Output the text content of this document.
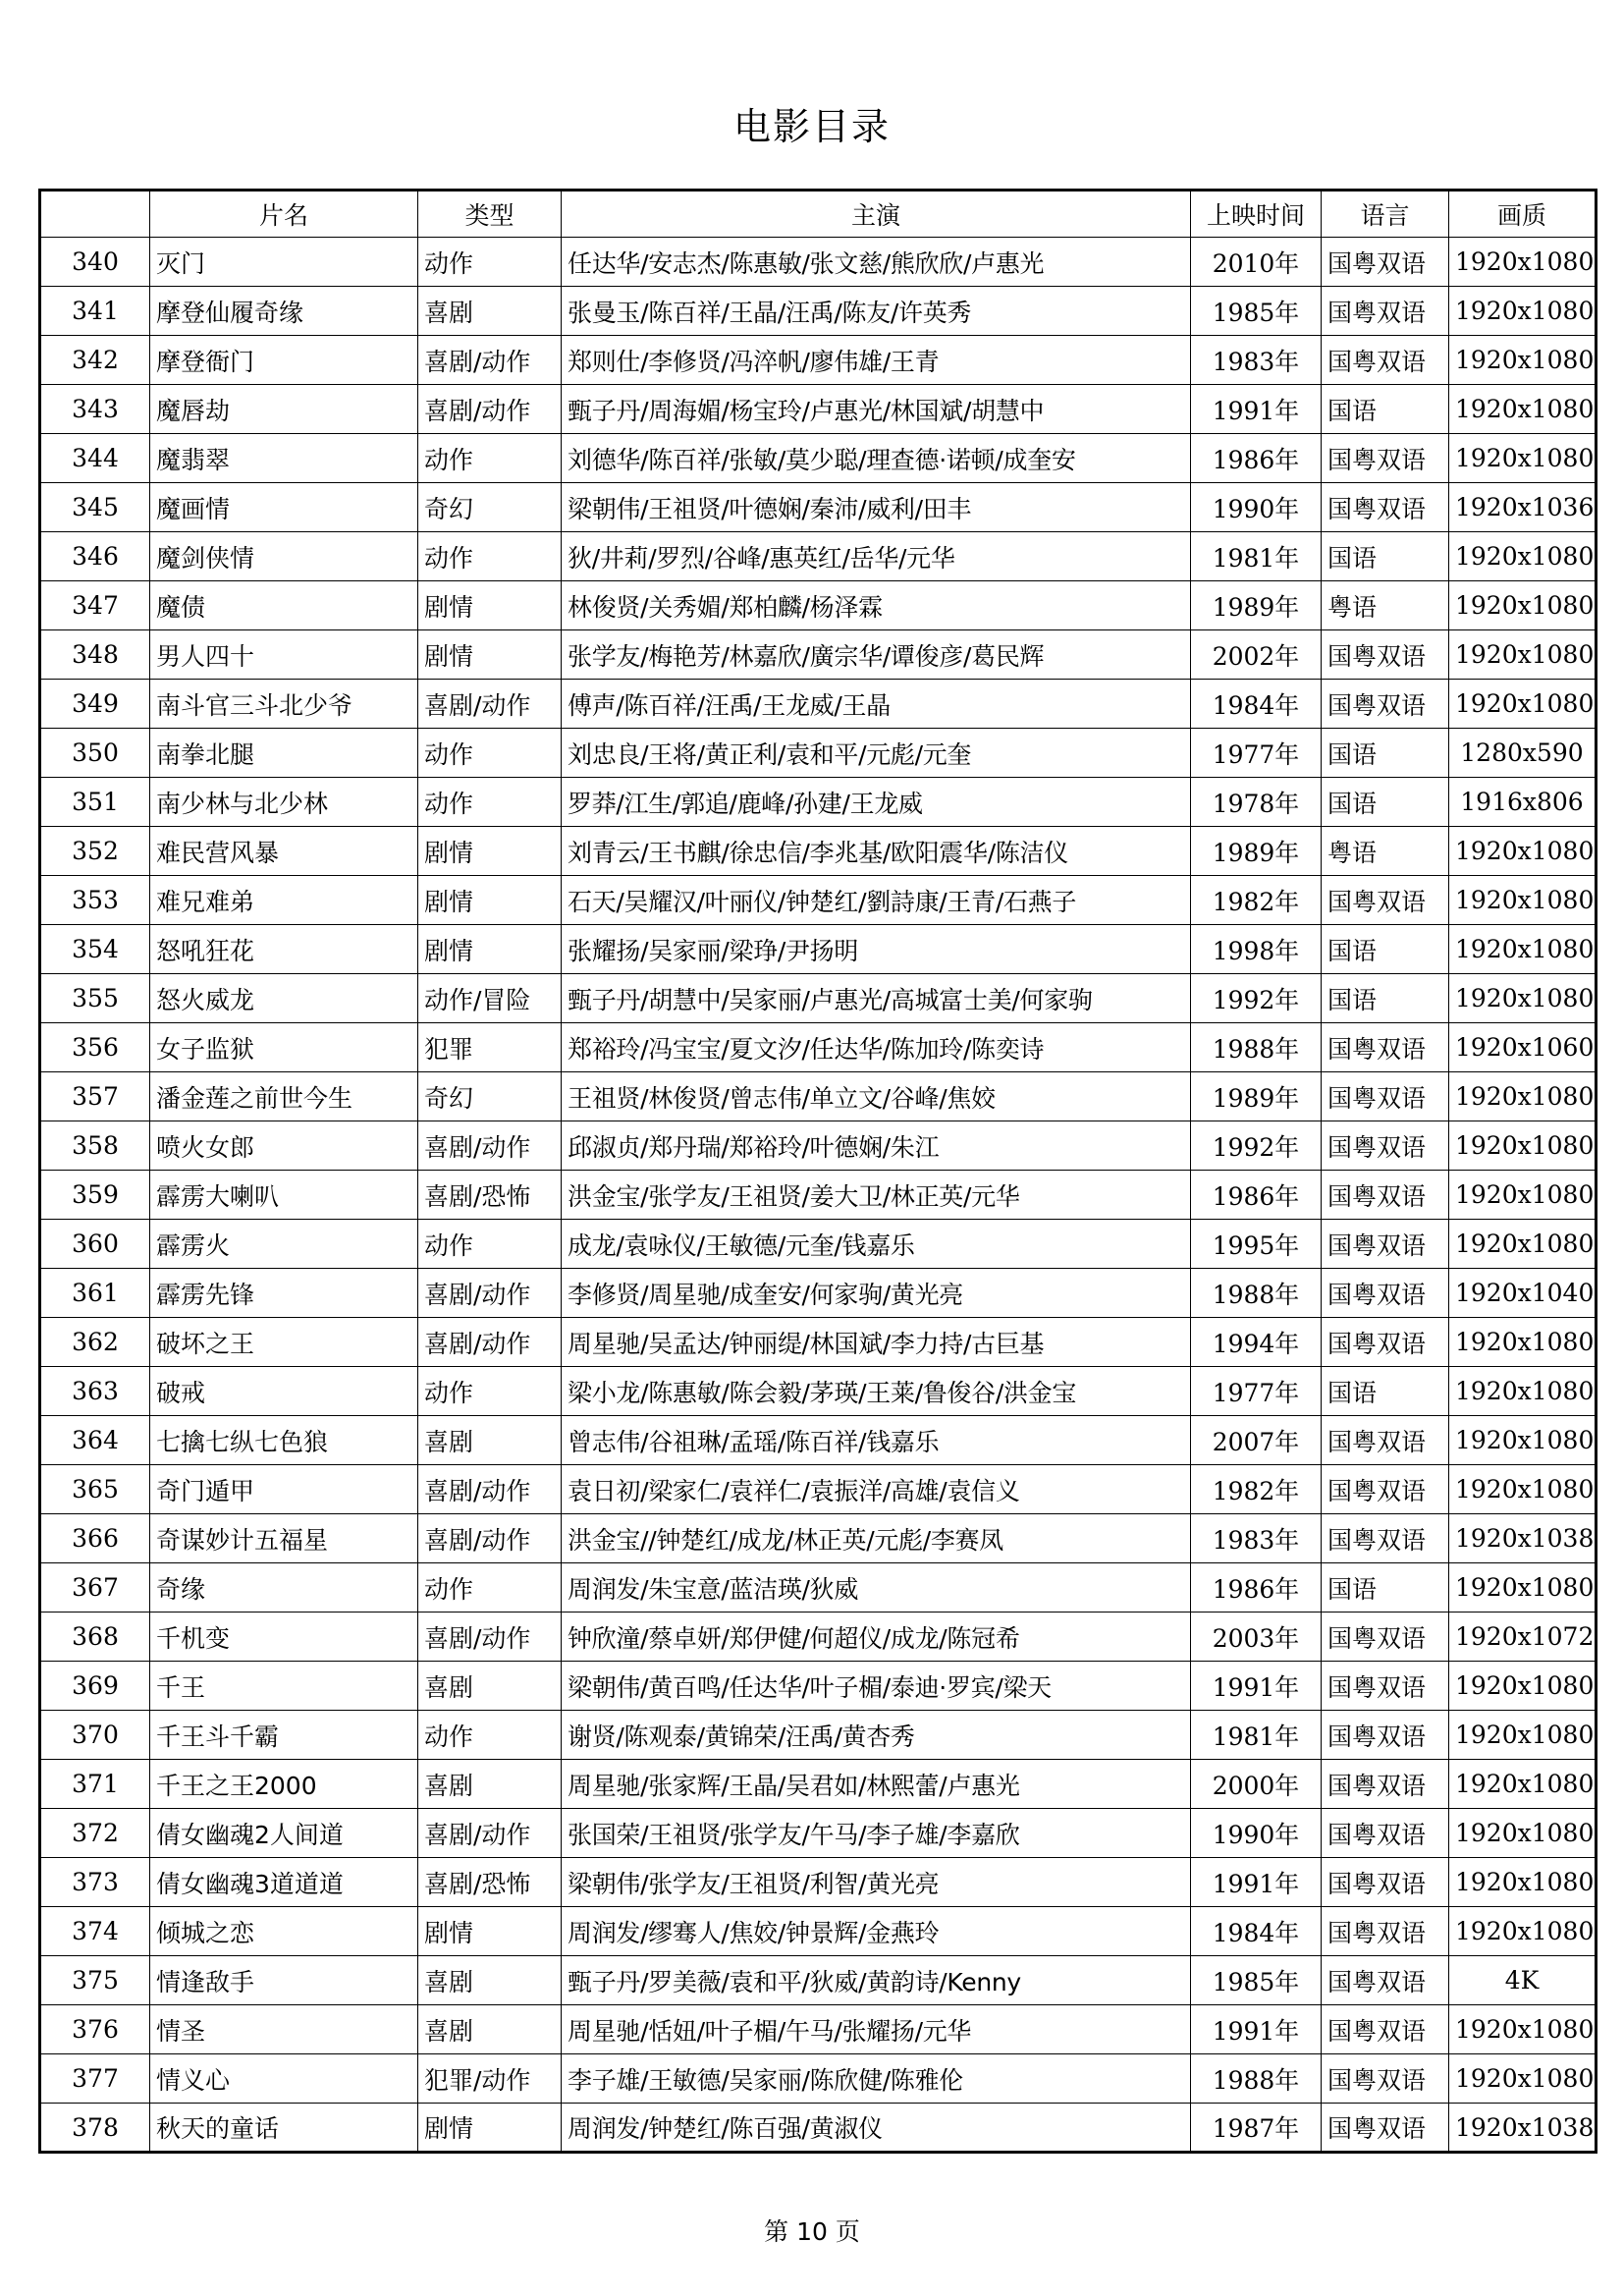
电影目录
	片名	类型	主演	上映时间	语言	画质
340	灭门	动作	任达华/安志杰/陈惠敏/张文慈/熊欣欣/卢惠光	2010年	国粤双语	1920x1080
341	摩登仙履奇缘	喜剧	张曼玉/陈百祥/王晶/汪禹/陈友/许英秀	1985年	国粤双语	1920x1080
342	摩登衙门	喜剧/动作	郑则仕/李修贤/冯淬帆/廖伟雄/王青	1983年	国粤双语	1920x1080
343	魔唇劫	喜剧/动作	甄子丹/周海媚/杨宝玲/卢惠光/林国斌/胡慧中	1991年	国语	1920x1080
344	魔翡翠	动作	刘德华/陈百祥/张敏/莫少聪/理查德·诺顿/成奎安	1986年	国粤双语	1920x1080
345	魔画情	奇幻	梁朝伟/王祖贤/叶德娴/秦沛/威利/田丰	1990年	国粤双语	1920x1036
346	魔剑侠情	动作	狄/井莉/罗烈/谷峰/惠英红/岳华/元华	1981年	国语	1920x1080
347	魔债	剧情	林俊贤/关秀媚/郑柏麟/杨泽霖	1989年	粤语	1920x1080
348	男人四十	剧情	张学友/梅艳芳/林嘉欣/廣宗华/谭俊彦/葛民辉	2002年	国粤双语	1920x1080
349	南斗官三斗北少爷	喜剧/动作	傅声/陈百祥/汪禹/王龙威/王晶	1984年	国粤双语	1920x1080
350	南拳北腿	动作	刘忠良/王将/黄正利/袁和平/元彪/元奎	1977年	国语	1280x590
351	南少林与北少林	动作	罗莽/江生/郭追/鹿峰/孙建/王龙威	1978年	国语	1916x806
352	难民营风暴	剧情	刘青云/王书麒/徐忠信/李兆基/欧阳震华/陈洁仪	1989年	粤语	1920x1080
353	难兄难弟	剧情	石天/吴耀汉/叶丽仪/钟楚红/劉詩康/王青/石燕子	1982年	国粤双语	1920x1080
354	怒吼狂花	剧情	张耀扬/吴家丽/梁琤/尹扬明	1998年	国语	1920x1080
355	怒火威龙	动作/冒险	甄子丹/胡慧中/吴家丽/卢惠光/高城富士美/何家驹	1992年	国语	1920x1080
356	女子监狱	犯罪	郑裕玲/冯宝宝/夏文汐/任达华/陈加玲/陈奕诗	1988年	国粤双语	1920x1060
357	潘金莲之前世今生	奇幻	王祖贤/林俊贤/曾志伟/单立文/谷峰/焦姣	1989年	国粤双语	1920x1080
358	喷火女郎	喜剧/动作	邱淑贞/郑丹瑞/郑裕玲/叶德娴/朱江	1992年	国粤双语	1920x1080
359	霹雳大喇叭	喜剧/恐怖	洪金宝/张学友/王祖贤/姜大卫/林正英/元华	1986年	国粤双语	1920x1080
360	霹雳火	动作	成龙/袁咏仪/王敏德/元奎/钱嘉乐	1995年	国粤双语	1920x1080
361	霹雳先锋	喜剧/动作	李修贤/周星驰/成奎安/何家驹/黄光亮	1988年	国粤双语	1920x1040
362	破坏之王	喜剧/动作	周星驰/吴孟达/钟丽缇/林国斌/李力持/古巨基	1994年	国粤双语	1920x1080
363	破戒	动作	梁小龙/陈惠敏/陈会毅/茅瑛/王莱/鲁俊谷/洪金宝	1977年	国语	1920x1080
364	七擒七纵七色狼	喜剧	曾志伟/谷祖琳/孟瑶/陈百祥/钱嘉乐	2007年	国粤双语	1920x1080
365	奇门遁甲	喜剧/动作	袁日初/梁家仁/袁祥仁/袁振洋/高雄/袁信义	1982年	国粤双语	1920x1080
366	奇谋妙计五福星	喜剧/动作	洪金宝//钟楚红/成龙/林正英/元彪/李赛凤	1983年	国粤双语	1920x1038
367	奇缘	动作	周润发/朱宝意/蓝洁瑛/狄威	1986年	国语	1920x1080
368	千机变	喜剧/动作	钟欣潼/蔡卓妍/郑伊健/何超仪/成龙/陈冠希	2003年	国粤双语	1920x1072
369	千王	喜剧	梁朝伟/黄百鸣/任达华/叶子楣/泰迪·罗宾/梁天	1991年	国粤双语	1920x1080
370	千王斗千霸	动作	谢贤/陈观泰/黄锦荣/汪禹/黄杏秀	1981年	国粤双语	1920x1080
371	千王之王2000	喜剧	周星驰/张家辉/王晶/吴君如/林熙蕾/卢惠光	2000年	国粤双语	1920x1080
372	倩女幽魂2人间道	喜剧/动作	张国荣/王祖贤/张学友/午马/李子雄/李嘉欣	1990年	国粤双语	1920x1080
373	倩女幽魂3道道道	喜剧/恐怖	梁朝伟/张学友/王祖贤/利智/黄光亮	1991年	国粤双语	1920x1080
374	倾城之恋	剧情	周润发/缪骞人/焦姣/钟景辉/金燕玲	1984年	国粤双语	1920x1080
375	情逢敌手	喜剧	甄子丹/罗美薇/袁和平/狄威/黄韵诗/Kenny	1985年	国粤双语	4K
376	情圣	喜剧	周星驰/恬妞/叶子楣/午马/张耀扬/元华	1991年	国粤双语	1920x1080
377	情义心	犯罪/动作	李子雄/王敏德/吴家丽/陈欣健/陈雅伦	1988年	国粤双语	1920x1080
378	秋天的童话	剧情	周润发/钟楚红/陈百强/黄淑仪	1987年	国粤双语	1920x1038
第 10 页
